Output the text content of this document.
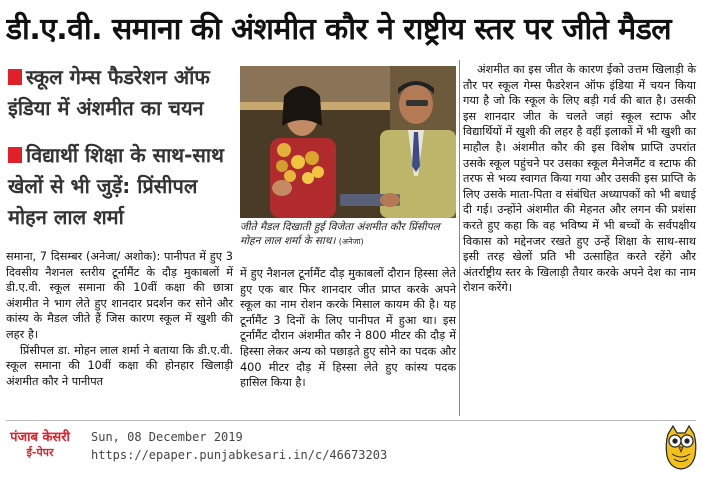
डी.ए.वी. समाना की अंशमीत कौर ने राष्ट्रीय स्तर पर जीते मैडल
स्कूल गेम्स फैडरेशन ऑफ इंडिया में अंशमीत का चयन
विद्यार्थी शिक्षा के साथ-साथ खेलों से भी जुड़ें: प्रिंसीपल मोहन लाल शर्मा

समाना, 7 दिसम्बर (अनेजा/ अशोक): पानीपत में हुए 3 दिवसीय नैशनल स्तरीय टूर्नामैंट के दौड़ मुकाबलों में डी.ए.वी. स्कूल समाना की 10वीं कक्षा की छात्रा अंशमीत ने भाग लेते हुए शानदार प्रदर्शन कर सोने और कांस्य के मैडल जीते हैं जिस कारण स्कूल में खुशी की लहर है।

प्रिंसीपल डा. मोहन लाल शर्मा ने बताया कि डी.ए.वी. स्कूल समाना की 10वीं कक्षा की होनहार खिलाड़ी अंशमीत कौर ने पानीपत

जीते मैडल दिखाती हुई विजेता अंशमीत कौर प्रिंसीपल मोहन लाल शर्मा के साथ। (अनेजा)

में हुए नैशनल टूर्नामैंट दौड़ मुकाबलों दौरान हिस्सा लेते हुए एक बार फिर शानदार जीत प्राप्त करके अपने स्कूल का नाम रोशन करके मिसाल कायम की है। यह टूर्नामैंट 3 दिनों के लिए पानीपत में हुआ था। इस टूर्नामैंट दौरान अंशमीत कौर ने 800 मीटर की दौड़ में हिस्सा लेकर अन्य को पछाड़ते हुए सोने का पदक और 400 मीटर दौड़ में हिस्सा लेते हुए कांस्य पदक हासिल किया है।

अंशमीत का इस जीत के कारण ईको उत्तम खिलाड़ी के तौर पर स्कूल गेम्स फैडरेशन ऑफ इंडिया में चयन किया गया है जो कि स्कूल के लिए बड़ी गर्व की बात है। उसकी इस शानदार जीत के चलते जहां स्कूल स्टाफ और विद्यार्थियों में खुशी की लहर है वहीं इलाकों में भी खुशी का माहौल है। अंशमीत कौर की इस विशेष प्राप्ति उपरांत उसके स्कूल पहुंचने पर उसका स्कूल मैनेजमैंट व स्टाफ की तरफ से भव्य स्वागत किया गया और उसकी इस प्राप्ति के लिए उसके माता-पिता व संबंधित अध्यापकों को भी बधाई दी गई। उन्होंने अंशमीत की मेहनत और लगन की प्रशंसा करते हुए कहा कि वह भविष्य में भी बच्चों के सर्वपक्षीय विकास को मद्देनजर रखते हुए उन्हें शिक्षा के साथ-साथ इसी तरह खेलों प्रति भी उत्साहित करते रहेंगे और अंतर्राष्ट्रीय स्तर के खिलाड़ी तैयार करके अपने देश का नाम रोशन करेंगे।

पंजाब केसरी
ई-पेपर
Sun, 08 December 2019
https://epaper.punjabkesari.in/c/46673203
